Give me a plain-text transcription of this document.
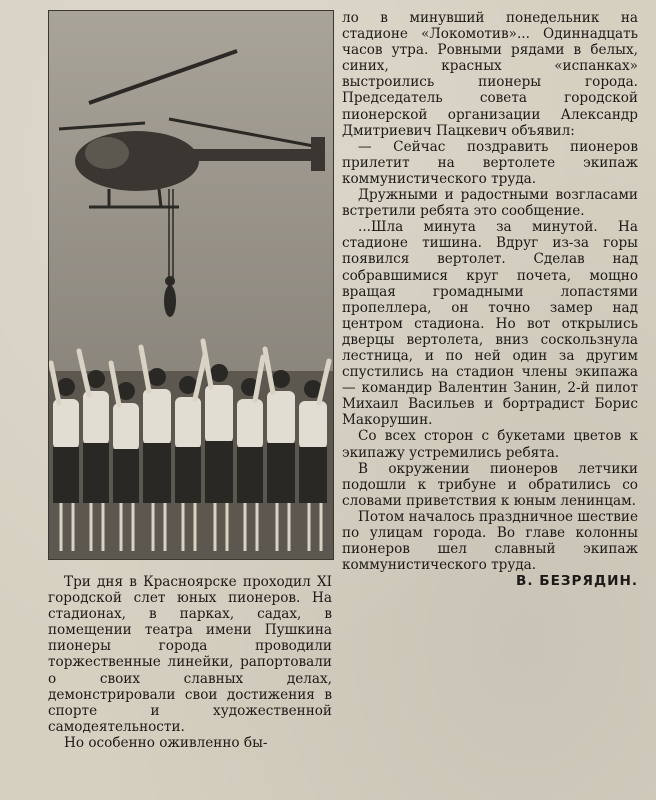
Три дня в Красноярске проходил XI городской слет юных пионеров. На стадионах, в парках, садах, в помещении театра имени Пушкина пионеры города проводили торжественные линейки, рапортовали о своих славных делах, демонстрировали свои достижения в спорте и художественной самодеятельности.

Но особенно оживленно бы-

ло в минувший понедельник на стадионе «Локомотив»... Одиннадцать часов утра. Ровными рядами в белых, синих, красных «испанках» выстроились пионеры города. Председатель совета городской пионерской организации Александр Дмитриевич Пацкевич объявил:

— Сейчас поздравить пионеров прилетит на вертолете экипаж коммунистического труда.

Дружными и радостными возгласами встретили ребята это сообщение.

...Шла минута за минутой. На стадионе тишина. Вдруг из-за горы появился вертолет. Сделав над собравшимися круг почета, мощно вращая громадными лопастями пропеллера, он точно замер над центром стадиона. Но вот открылись дверцы вертолета, вниз соскользнула лестница, и по ней один за другим спустились на стадион члены экипажа — командир Валентин Занин, 2-й пилот Михаил Васильев и бортрадист Борис Макорушин.

Со всех сторон с букетами цветов к экипажу устремились ребята.

В окружении пионеров летчики подошли к трибуне и обратились со словами приветствия к юным ленинцам.

Потом началось праздничное шествие по улицам города. Во главе колонны пионеров шел славный экипаж коммунистического труда.

В. БЕЗРЯДИН.
